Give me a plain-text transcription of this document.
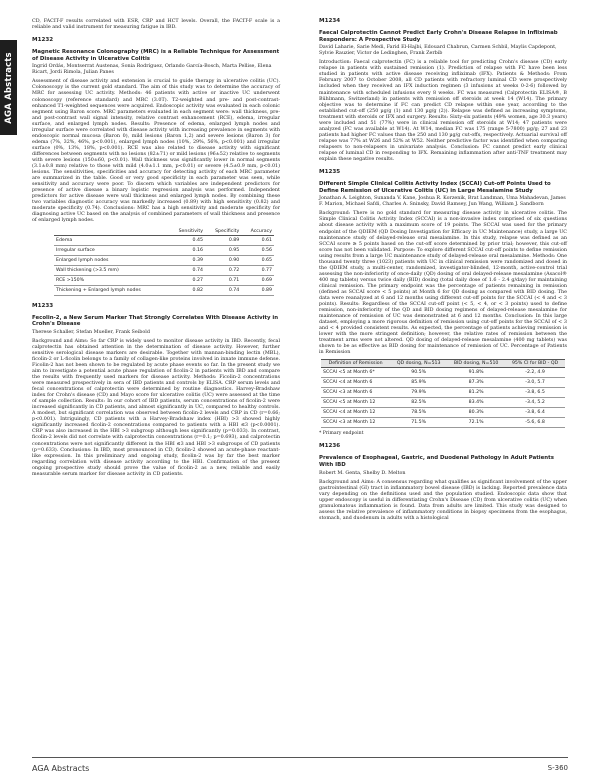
AGA Abstracts

CD, FACIT-F results correlated with ESR, CRP and HCT levels. Overall, the FACIT-F scale is a reliable and valid instrument for measuring fatigue in IBD.

M1232

Magnetic Resonance Colonography (MRC) is a Reliable Technique for Assessment of Disease Activity in Ulcerative Colitis

Ingrid Ordás, Montserrat Austenas, Sonia Rodríguez, Orlando García-Bosch, Marta Pellise, Elena Ricart, Jordi Rimola, Julian Panes

Assessment of disease activity and extension is crucial to guide therapy in ulcerative colitis (UC). Colonoscopy is the current gold standard. The aim of this study was to determine the accuracy of MRC for assessing UC activity. Methods: 46 patients with active or inactive UC underwent colonoscopy (reference standard) and MRC (3.0T). T2-weighted and pre- and post-contrast-enhanced T1-weighted sequences were acquired. Endoscopic activity was evaluated in each colonic segment using Baron score. MRC parameters evaluated in each segment were: wall thickness, pre- and post-contrast wall signal intensity, relative contrast enhancement (RCE), edema, irregular surface, and enlarged lymph nodes. Results: Presence of edema, enlarged lymph nodes and irregular surface were correlated with disease activity with increasing prevalence in segments with endoscopic normal mucosa (Baron 0), mild lesions (Baron 1,2) and severe lesions (Baron 3) for edema (7%, 32%, 46%, p<0.001), enlarged lymph nodes (10%, 29%, 56%, p<0.001) and irregular surface (0%, 13%, 18%, p<0.001). RCE was also related to disease activity with significant differences between segments with no lesions (82±71) or mild lesions (96±52) relative to segments with severe lesions (150±60, p<0.01). Wall thickness was significantly lower in normal segments (3.1±0.8 mm) relative to those with mild (4.0±1.1 mm, p<0.01) or severe (4.5±0.9 mm, p<0.01) lesions. The sensitivities, specificities and accuracy for detecting activity of each MRC parameter are summarized in the table. Good or very good specificity in each parameter was seen, while sensitivity and accuracy were poor. To discern which variables are independent predictors for presence of active disease a binary logistic regression analysis was performed. Independent predictors for active disease were wall thickness and enlarged lymph nodes. By combining these two variables diagnostic accuracy was markedly increased (0.89) with high sensitivity (0.82) and moderate specificity (0.74). Conclusions: MRC has a high sensitivity and moderate specificity for diagnosing active UC based on the analysis of combined parameters of wall thickness and presence of enlarged lymph nodes.

	Sensitivity	Specificity	Accuracy
Edema	0.45	0.89	0.61
Irregular surface	0.16	0.95	0.56
Enlarged lymph nodes	0.39	0.90	0.65
Wall thickening (>3.5 mm)	0.74	0.72	0.77
RCE >150%	0.27	0.71	0.69
Thickening + Enlarged lymph nodes	0.82	0.74	0.89

M1233

Fecolin-2, a New Serum Marker That Strongly Correlates With Disease Activity in Crohn's Disease

Therese Schaller, Stefan Mueller, Frank Seibold

Background and Aims: So far CRP is widely used to monitor disease activity in IBD. Recently, fecal calprotectin has obtained attention in the determination of disease activity. However, further sensitive serological disease markers are desirable. Together with mannan-binding lectin (MBL), ficolin-2 or L-ficolin belongs to a family of collagen-like proteins involved in innate immune defense. Ficolin-2 has not been shown to be regulated by acute phase events so far. In the present study we aim to investigate a potential acute phase regulation of ficolin-2 in patients with IBD and compare the results with frequently used markers for disease activity. Methods: Ficolin-2 concentrations were measured prospectively in sera of IBD patients and controls by ELISA. CRP serum levels and fecal concentrations of calprotectin were determined by routine diagnostics. Harvey-Bradshaw index for Crohn's disease (CD) and Mayo score for ulcerative colitis (UC) were assessed at the time of sample collection. Results: In our cohort of IBD patients, serum concentrations of ficolin-2 were increased significantly in CD patients, and almost significantly in UC, compared to healthy controls. A modest, but significant correlation was observed between ficolin-2 levels and CRP in CD (r=0.66; p<0.001). Intriguingly, CD patients with a Harvey-Bradshaw index (HBI) >3 showed highly significantly increased ficolin-2 concentrations compared to patients with a HBI ≤3 (p<0.0001). CRP was also increased in the HBI >3 subgroup although less significantly (p=0.033). In contrast, ficolin-2 levels did not correlate with calprotectin concentrations (r=0.1; p=0.693), and calprotectin concentrations were not significantly different in the HBI ≤3 and HBI >3 subgroups of CD patients (p=0.633). Conclusions: In IBD, most pronounced in CD, ficolin-2 showed an acute-phase reactant-like expression. In this preliminary and ongoing study, ficolin-2 was by far the best marker regarding correlation with disease activity according to the HBI. Confirmation of the present ongoing prospective study should prove the value of ficolin-2 as a new, reliable and easily measurable serum marker for disease activity in CD patients.

M1234

Faecal Calprotectin Cannot Predict Early Crohn's Disease Relapse in Infliximab Responders: A Prospective Study

David Laharie, Sarie Medi, Farid El-Hajbi, Edouard Chabrun, Carmen Schbil, Maylis Capdepont, Sylvie Rauzier, Victor de Ledinghen, Frank Zerbib

Introduction: Faecal calprotectin (FC) is a reliable tool for predicting Crohn's disease (CD) early relapse in patients with sustained remission (1). Prediction of relapse with FC have been less studied in patients with active disease receiving infliximab (IFX). Patients & Methods: From February 2007 to October 2008, all CD patients with refractory luminal CD were prospectively included when they received an IFX induction regimen (3 infusions at weeks 0-2-6) followed by maintenance with scheduled infusions every 8 weeks. FC was measured (Calprotectin ELISA®, B Bühlmann, Switzerland) in patients with remission off steroids at week 14 (W14). The primary objective was to determine if FC can predict CD relapse within one year, according to the established cut-off (250 µg/g (1) and 130 µg/g (2)). Relapse was defined as increasing symptoms, treatment with steroids or IFX and surgery. Results: Sixty-six patients (49% women, age 30.3 years) were included and 51 (77%) were in clinical remission off steroids at W14; 47 patients were analyzed (FC was available at W14). At W14, median FC was 175 (range 5-7800) µg/g; 27 and 23 patients had higher FC values than the 250 and 130 µg/g cut-offs, respectively. Actuarial survival off relapse was 77% at W26 and 52% at W52. Neither predictive factor was identified when comparing relapsers to non-relapsers in univariate analysis. Conclusion: FC cannot predict early clinical relapse of luminal CD in responding to IFX. Remaining inflammation after anti-TNF treatment may explain these negative results.

M1235

Different Simple Clinical Colitis Activity Index (SCCAI) Cut-off Points Used to Define Remission of Ulcerative Colitis (UC) in Large Mesalamine Study

Jonathan A. Leighton, Sunanda V. Kane, Joshua R. Korzenik, Brat Landman, Uma Mahadevan, James F. Marion, Michael Safdi, Charles A. Sninsky, David Ramsey, Jun Wang, William J. Sandborn

Background: There is no gold standard for measuring disease activity in ulcerative colitis. The Simple Clinical Colitis Activity Index (SCCAI) is a non-invasive index comprised of six questions about disease activity with a maximum score of 19 points. The SCCAI was used for the primary endpoint of the QDIEM (QD Dosing Investigation for Efficacy in UC Maintenance) study, a large UC maintenance study of delayed-release oral mesalamine. In this study, relapse was defined as an SCCAI score ≥ 5 points based on the cut-off score determined by prior trial; however, this cut-off score has not been validated. Purpose: To explore different SCCAI cut-off points to define remission using results from a large UC maintenance study of delayed-release oral mesalamine. Methods: One thousand twenty three (1023) patients with UC in clinical remission were randomized and dosed in the QDIEM study, a multi-center, randomized, investigator-blinded, 12-month, active-control trial assessing the non-inferiority of once-daily (QD) dosing of oral delayed-release mesalamine (Asacol® 400 mg tablets) versus twice daily (BID) dosing (total daily dose of 1.6 - 2.4 g/day) for maintaining clinical remission. The primary endpoint was the percentage of patients remaining in remission (defined as SCCAI score < 5 points) at Month 6 for QD dosing as compared with BID dosing. The data were reanalyzed at 6 and 12 months using different cut-off points for the SCCAI (< 4 and < 3 points). Results: Regardless of the SCCAI cut-off point (< 5, < 4, or < 3 points) used to define remission, non-inferiority of the QD and BID dosing regimens of delayed-release mesalamine for maintenance of remission of UC was demonstrated at 6 and 12 months. Conclusion: In this large dataset, employing a more rigorous definition of remission using cut-off points for the SCCAI of < 3 and < 4 provided consistent results. As expected, the percentage of patients achieving remission is lower with the more stringent definition; however, the relative rates of remission between the treatment arms were not altered. QD dosing of delayed-release mesalamine (400 mg tablets) was shown to be as effective as BID dosing for maintenance of remission of UC. Percentage of Patients in Remission

Definition of Remission	QD dosing, N=513	BID dosing, N=510	95% CI for BID - QD
SCCAI <5 at Month 6*	90.5%	91.8%	-2.2, 4.9
SCCAI <4 at Month 6	85.9%	87.3%	-3.0, 5.7
SCCAI <3 at Month 6	79.9%	81.2%	-3.8, 6.5
SCCAI <5 at Month 12	82.5%	83.4%	-3.4, 5.2
SCCAI <4 at Month 12	78.5%	80.3%	-3.8, 6.4
SCCAI <3 at Month 12	71.5%	72.1%	-5.6, 6.8

* Primary endpoint

M1236

Prevalence of Esophageal, Gastric, and Duodenal Pathology in Adult Patients With IBD

Robert M. Genta, Shelby D. Melton

Background and Aims: A consensus regarding what qualifies as significant involvement of the upper gastrointestinal (GI) tract in inflammatory bowel disease (IBD) is lacking. Reported prevalence data vary depending on the definitions used and the population studied. Endoscopic data show that upper endoscopy is useful in differentiating Crohn's Disease (CD) from ulcerative colitis (UC) when granulomatous inflammation is found. Data from adults are limited. This study was designed to assess the relative prevalence of inflammatory conditions in biopsy specimens from the esophagus, stomach, and duodenum in adults with a histological

AGA Abstracts	S-360
